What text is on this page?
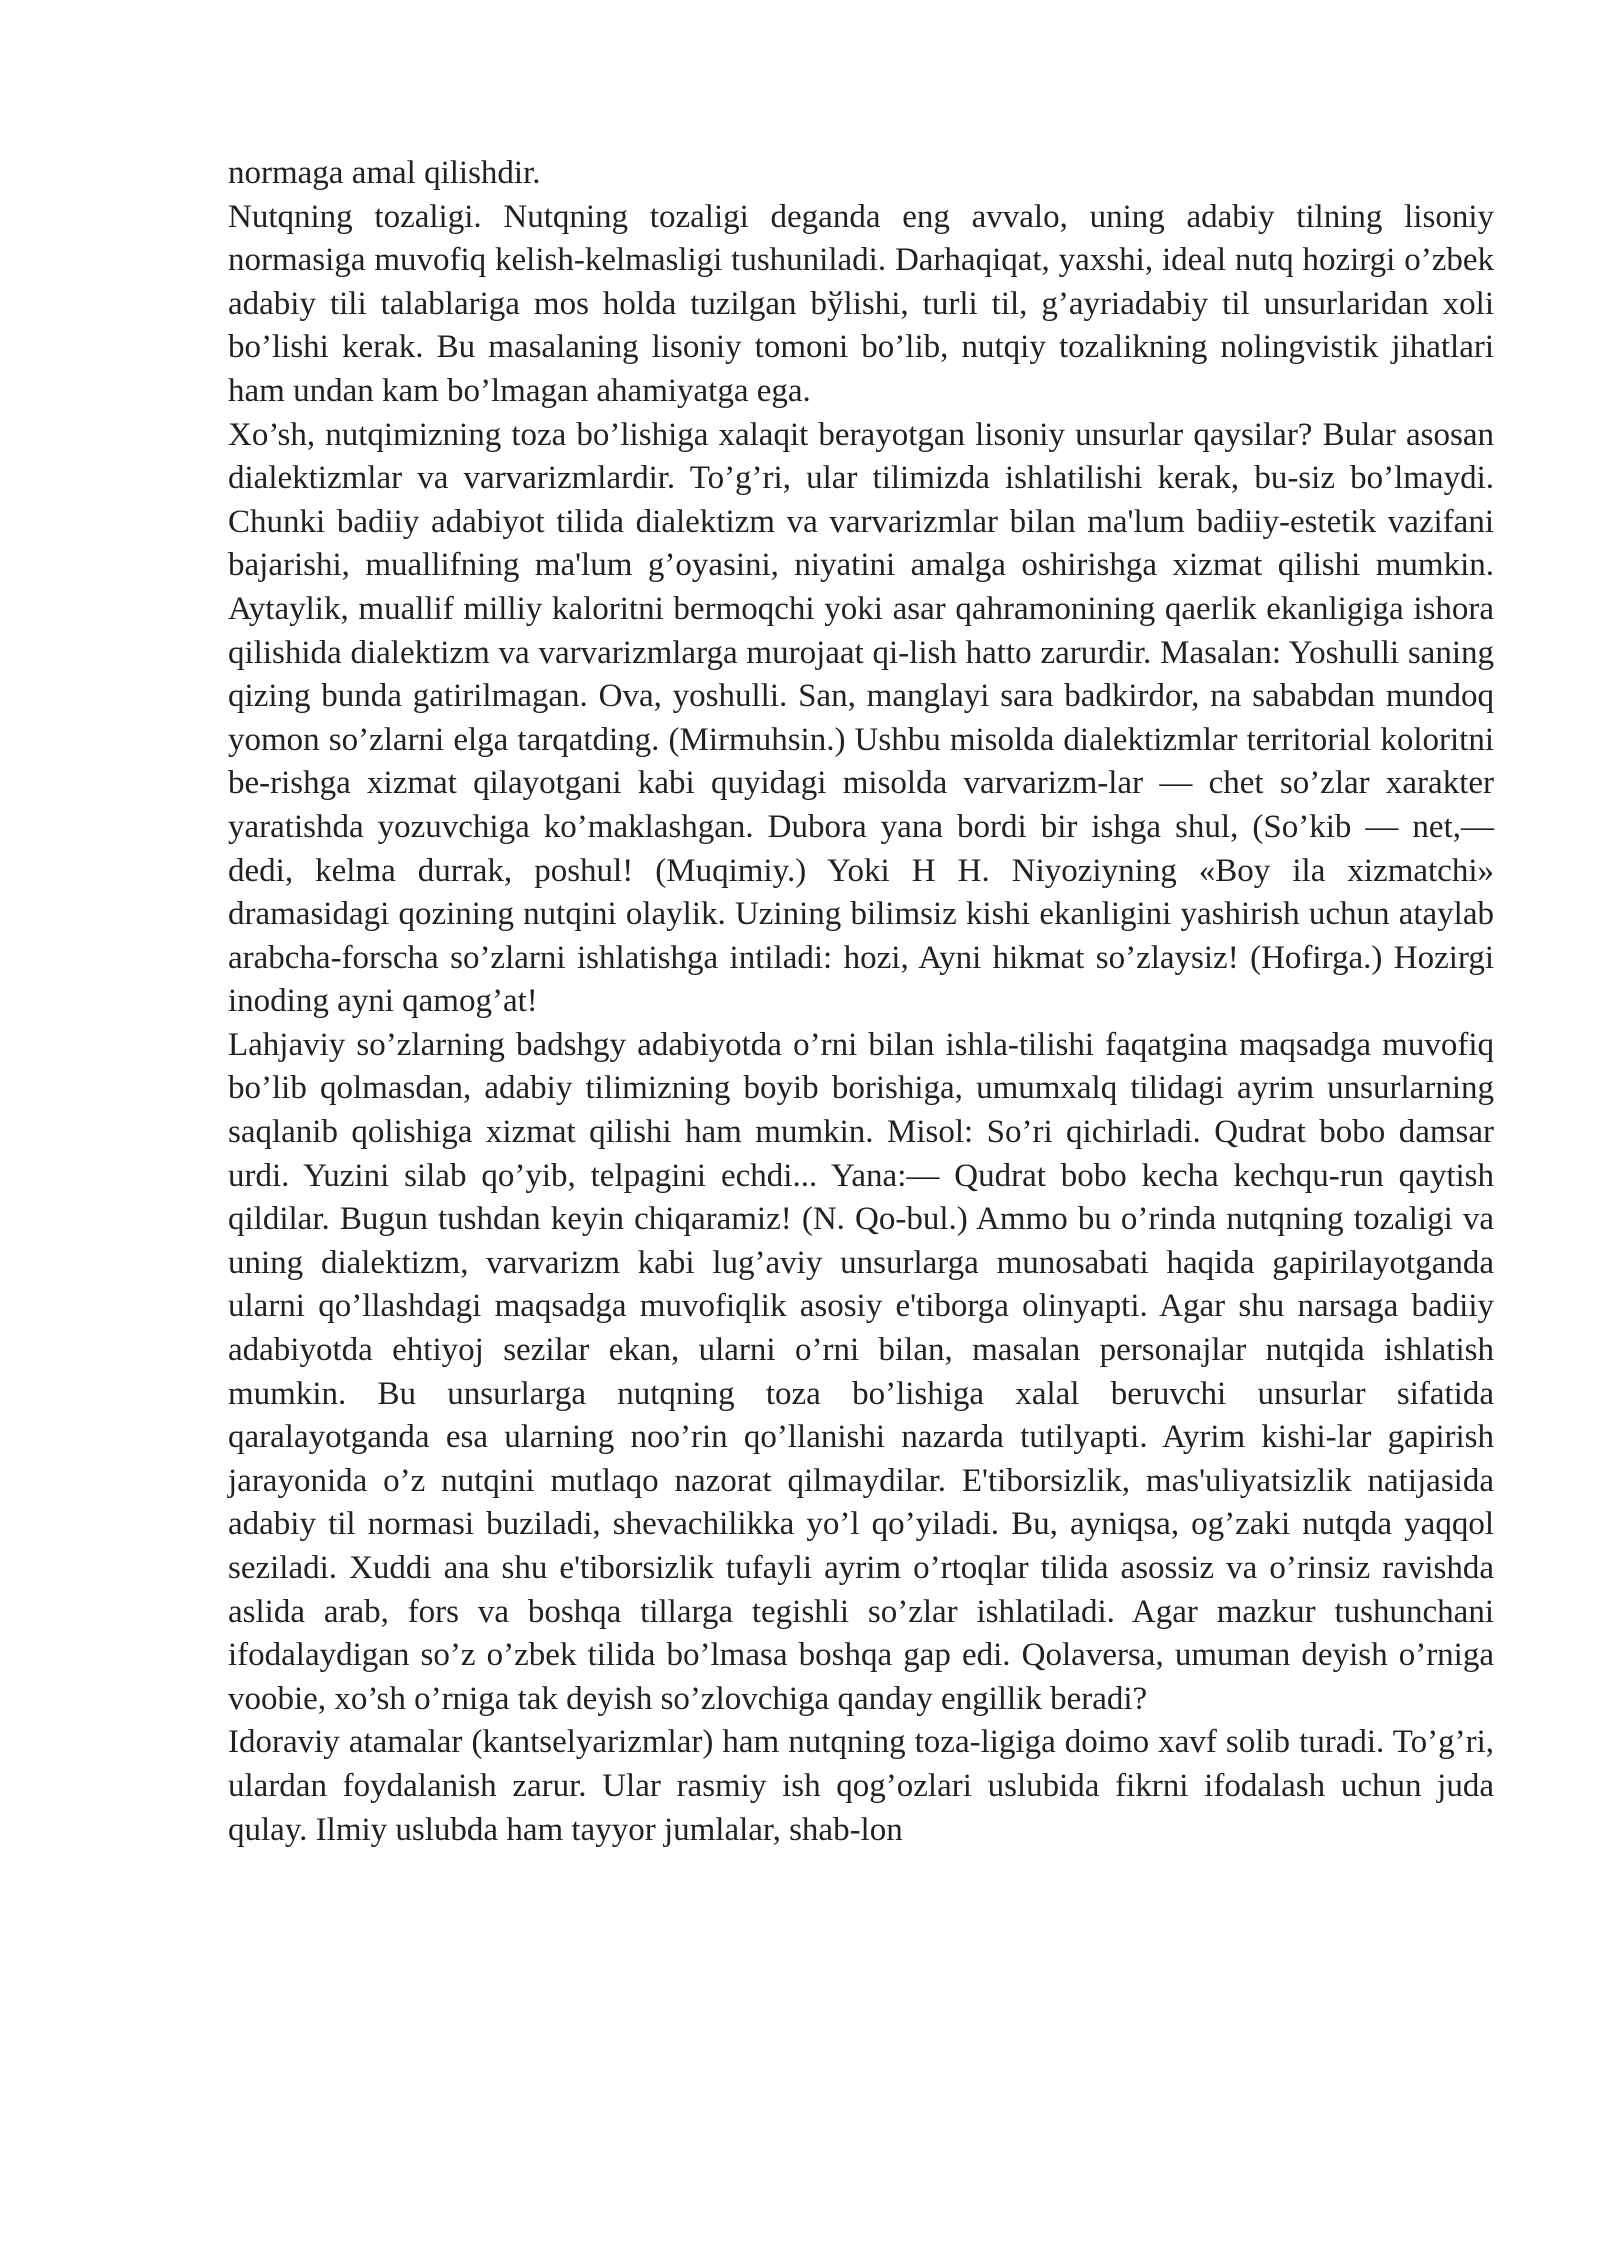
normaga amal qilishdir.

Nutqning tozaligi. Nutqning tozaligi deganda eng avvalo, uning adabiy tilning lisoniy normasiga muvofiq kelish-kelmasligi tushuniladi. Darhaqiqat, yaxshi, ideal nutq hozirgi o’zbek adabiy tili talablariga mos holda tuzilgan bўlishi, turli til, g’ayriadabiy til unsurlaridan xoli bo’lishi kerak. Bu masalaning lisoniy tomoni bo’lib, nutqiy tozalikning nolingvistik jihatlari ham undan kam bo’lmagan ahamiyatga ega.

Xo’sh, nutqimizning toza bo’lishiga xalaqit berayotgan lisoniy unsurlar qaysilar? Bular asosan dialektizmlar va varvarizmlardir. To’g’ri, ular tilimizda ishlatilishi kerak, bu-siz bo’lmaydi. Chunki badiiy adabiyot tilida dialektizm va varvarizmlar bilan ma'lum badiiy-estetik vazifani bajarishi, muallifning ma'lum g’oyasini, niyatini amalga oshirishga xizmat qilishi mumkin. Aytaylik, muallif milliy kaloritni bermoqchi yoki asar qahramonining qaerlik ekanligiga ishora qilishida dialektizm va varvarizmlarga murojaat qi-lish hatto zarurdir. Masalan: Yoshulli saning qizing bunda gatirilmagan. Ova, yoshulli. San, manglayi sara badkirdor, na sababdan mundoq yomon so’zlarni elga tarqatding. (Mirmuhsin.) Ushbu misolda dialektizmlar territorial koloritni be-rishga xizmat qilayotgani kabi quyidagi misolda varvarizm-lar — chet so’zlar xarakter yaratishda yozuvchiga ko’maklashgan. Dubora yana bordi bir ishga shul, (So’kib — net,—dedi, kelma durrak, poshul! (Muqimiy.) Yoki H H. Niyoziyning «Boy ila xizmatchi» dramasidagi qozining nutqini olaylik. Uzining bilimsiz kishi ekanligini yashirish uchun ataylab arabcha-forscha so’zlarni ishlatishga intiladi: hozi, Ayni hikmat so’zlaysiz! (Hofirga.) Hozirgi inoding ayni qamog’at!

Lahjaviy so’zlarning badshgy adabiyotda o’rni bilan ishla-tilishi faqatgina maqsadga muvofiq bo’lib qolmasdan, adabiy tilimizning boyib borishiga, umumxalq tilidagi ayrim unsurlarning saqlanib qolishiga xizmat qilishi ham mumkin. Misol: So’ri qichirladi. Qudrat bobo damsar urdi. Yuzini silab qo’yib, telpagini echdi... Yana:— Qudrat bobo kecha kechqu-run qaytish qildilar. Bugun tushdan keyin chiqaramiz! (N. Qo-bul.) Ammo bu o’rinda nutqning tozaligi va uning dialektizm, varvarizm kabi lug’aviy unsurlarga munosabati haqida gapirilayotganda ularni qo’llashdagi maqsadga muvofiqlik asosiy e'tiborga olinyapti. Agar shu narsaga badiiy adabiyotda ehtiyoj sezilar ekan, ularni o’rni bilan, masalan personajlar nutqida ishlatish mumkin. Bu unsurlarga nutqning toza bo’lishiga xalal beruvchi unsurlar sifatida qaralayotganda esa ularning noo’rin qo’llanishi nazarda tutilyapti. Ayrim kishi-lar gapirish jarayonida o’z nutqini mutlaqo nazorat qilmaydilar. E'tiborsizlik, mas'uliyatsizlik natijasida adabiy til normasi buziladi, shevachilikka yo’l qo’yiladi. Bu, ayniqsa, og’zaki nutqda yaqqol seziladi. Xuddi ana shu e'tiborsizlik tufayli ayrim o’rtoqlar tilida asossiz va o’rinsiz ravishda aslida arab, fors va boshqa tillarga tegishli so’zlar ishlatiladi. Agar mazkur tushunchani ifodalaydigan so’z o’zbek tilida bo’lmasa boshqa gap edi. Qolaversa, umuman deyish o’rniga voobie, xo’sh o’rniga tak deyish so’zlovchiga qanday engillik beradi?

Idoraviy atamalar (kantselyarizmlar) ham nutqning toza-ligiga doimo xavf solib turadi. To’g’ri, ulardan foydalanish zarur. Ular rasmiy ish qog’ozlari uslubida fikrni ifodalash uchun juda qulay. Ilmiy uslubda ham tayyor jumlalar, shab-lon
